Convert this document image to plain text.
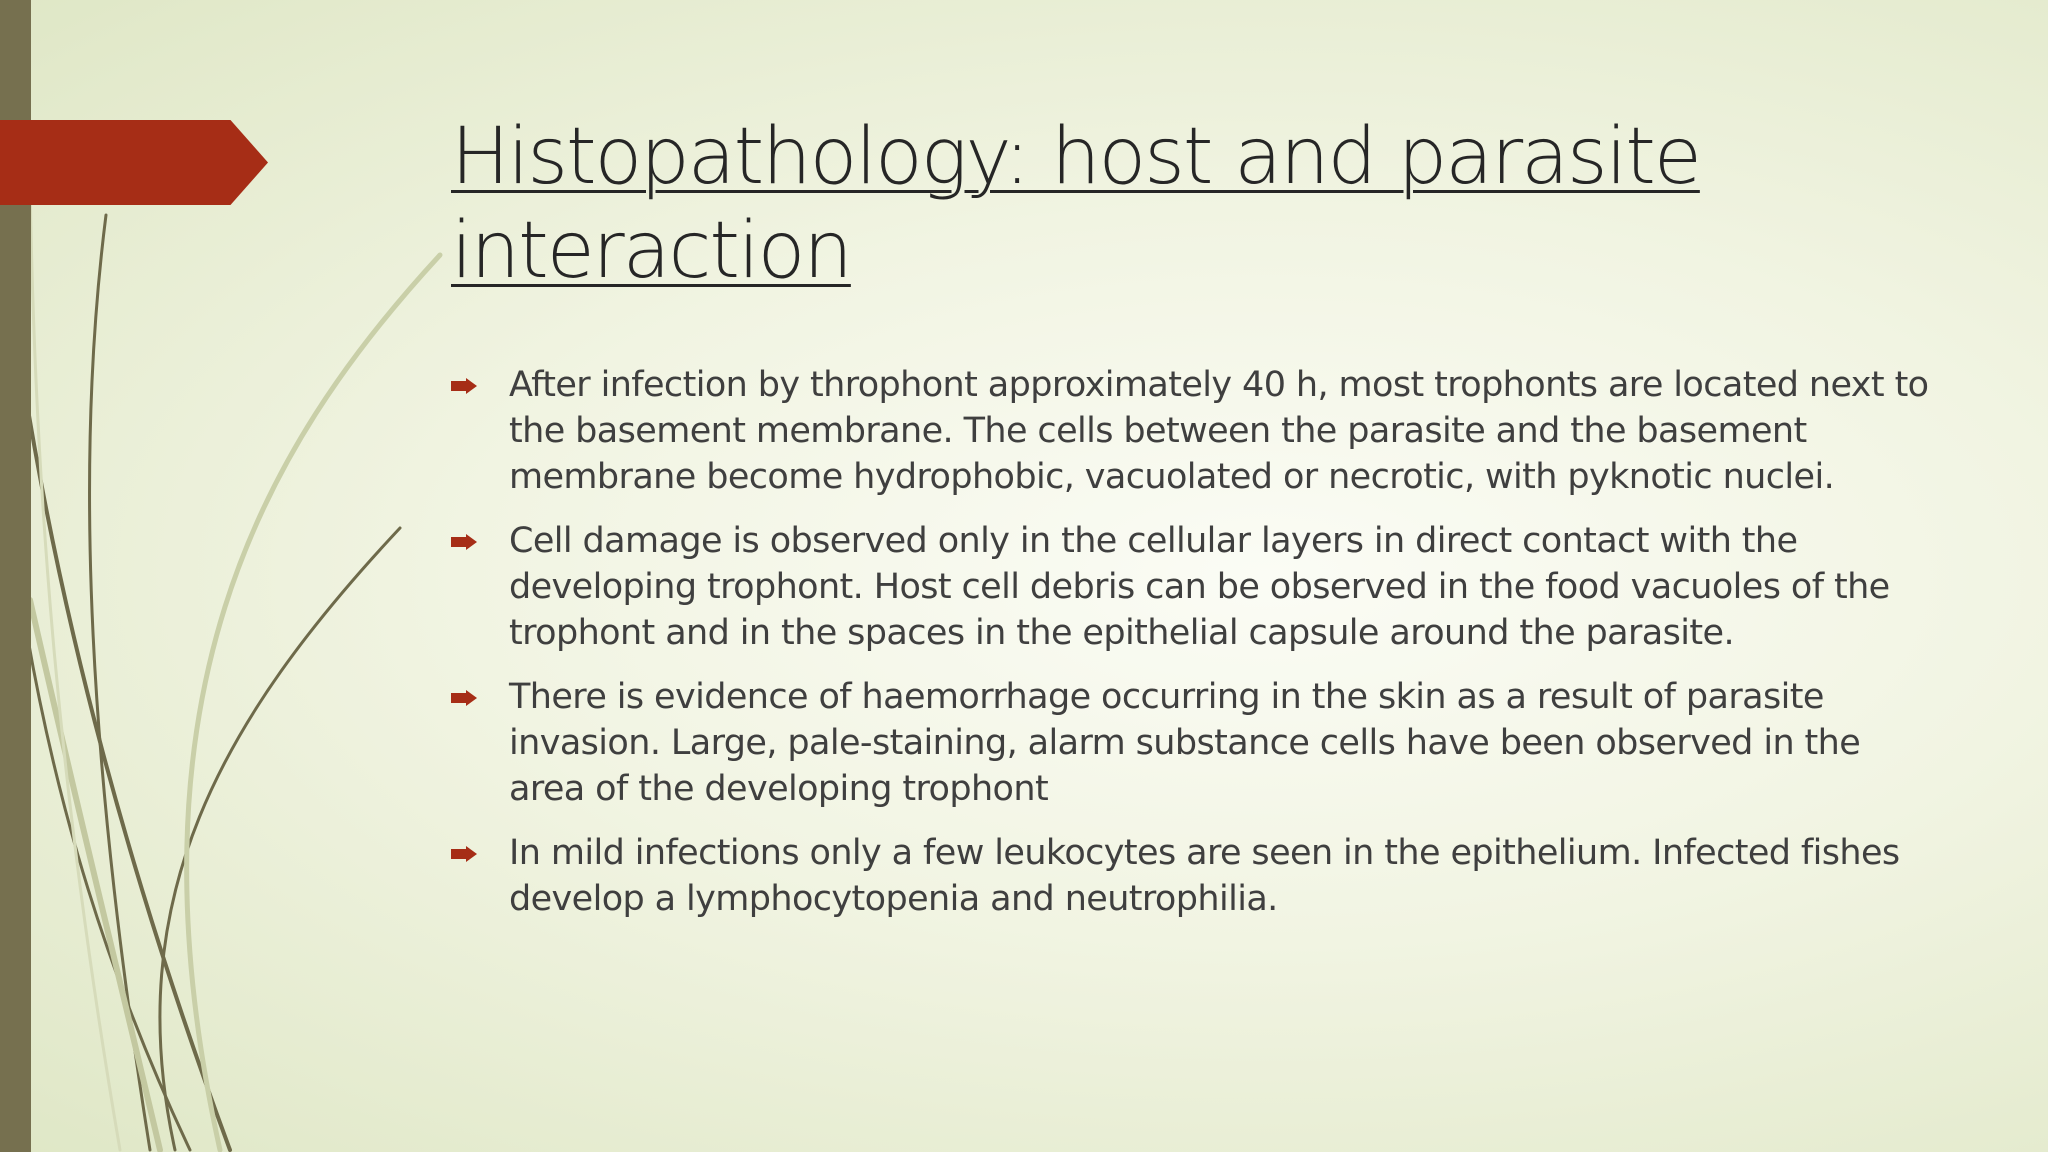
Histopathology: host and parasite interaction
After infection by throphont approximately 40 h, most trophonts are located next to the basement membrane. The cells between the parasite and the basement membrane become hydrophobic, vacuolated or necrotic, with pyknotic nuclei.
Cell damage is observed only in the cellular layers in direct contact with the developing trophont. Host cell debris can be observed in the food vacuoles of the trophont and in the spaces in the epithelial capsule around the parasite.
There is evidence of haemorrhage occurring in the skin as a result of parasite invasion. Large, pale-staining, alarm substance cells have been observed in the area of the developing trophont
In mild infections only a few leukocytes are seen in the epithelium. Infected fishes develop a lymphocytopenia and neutrophilia.
